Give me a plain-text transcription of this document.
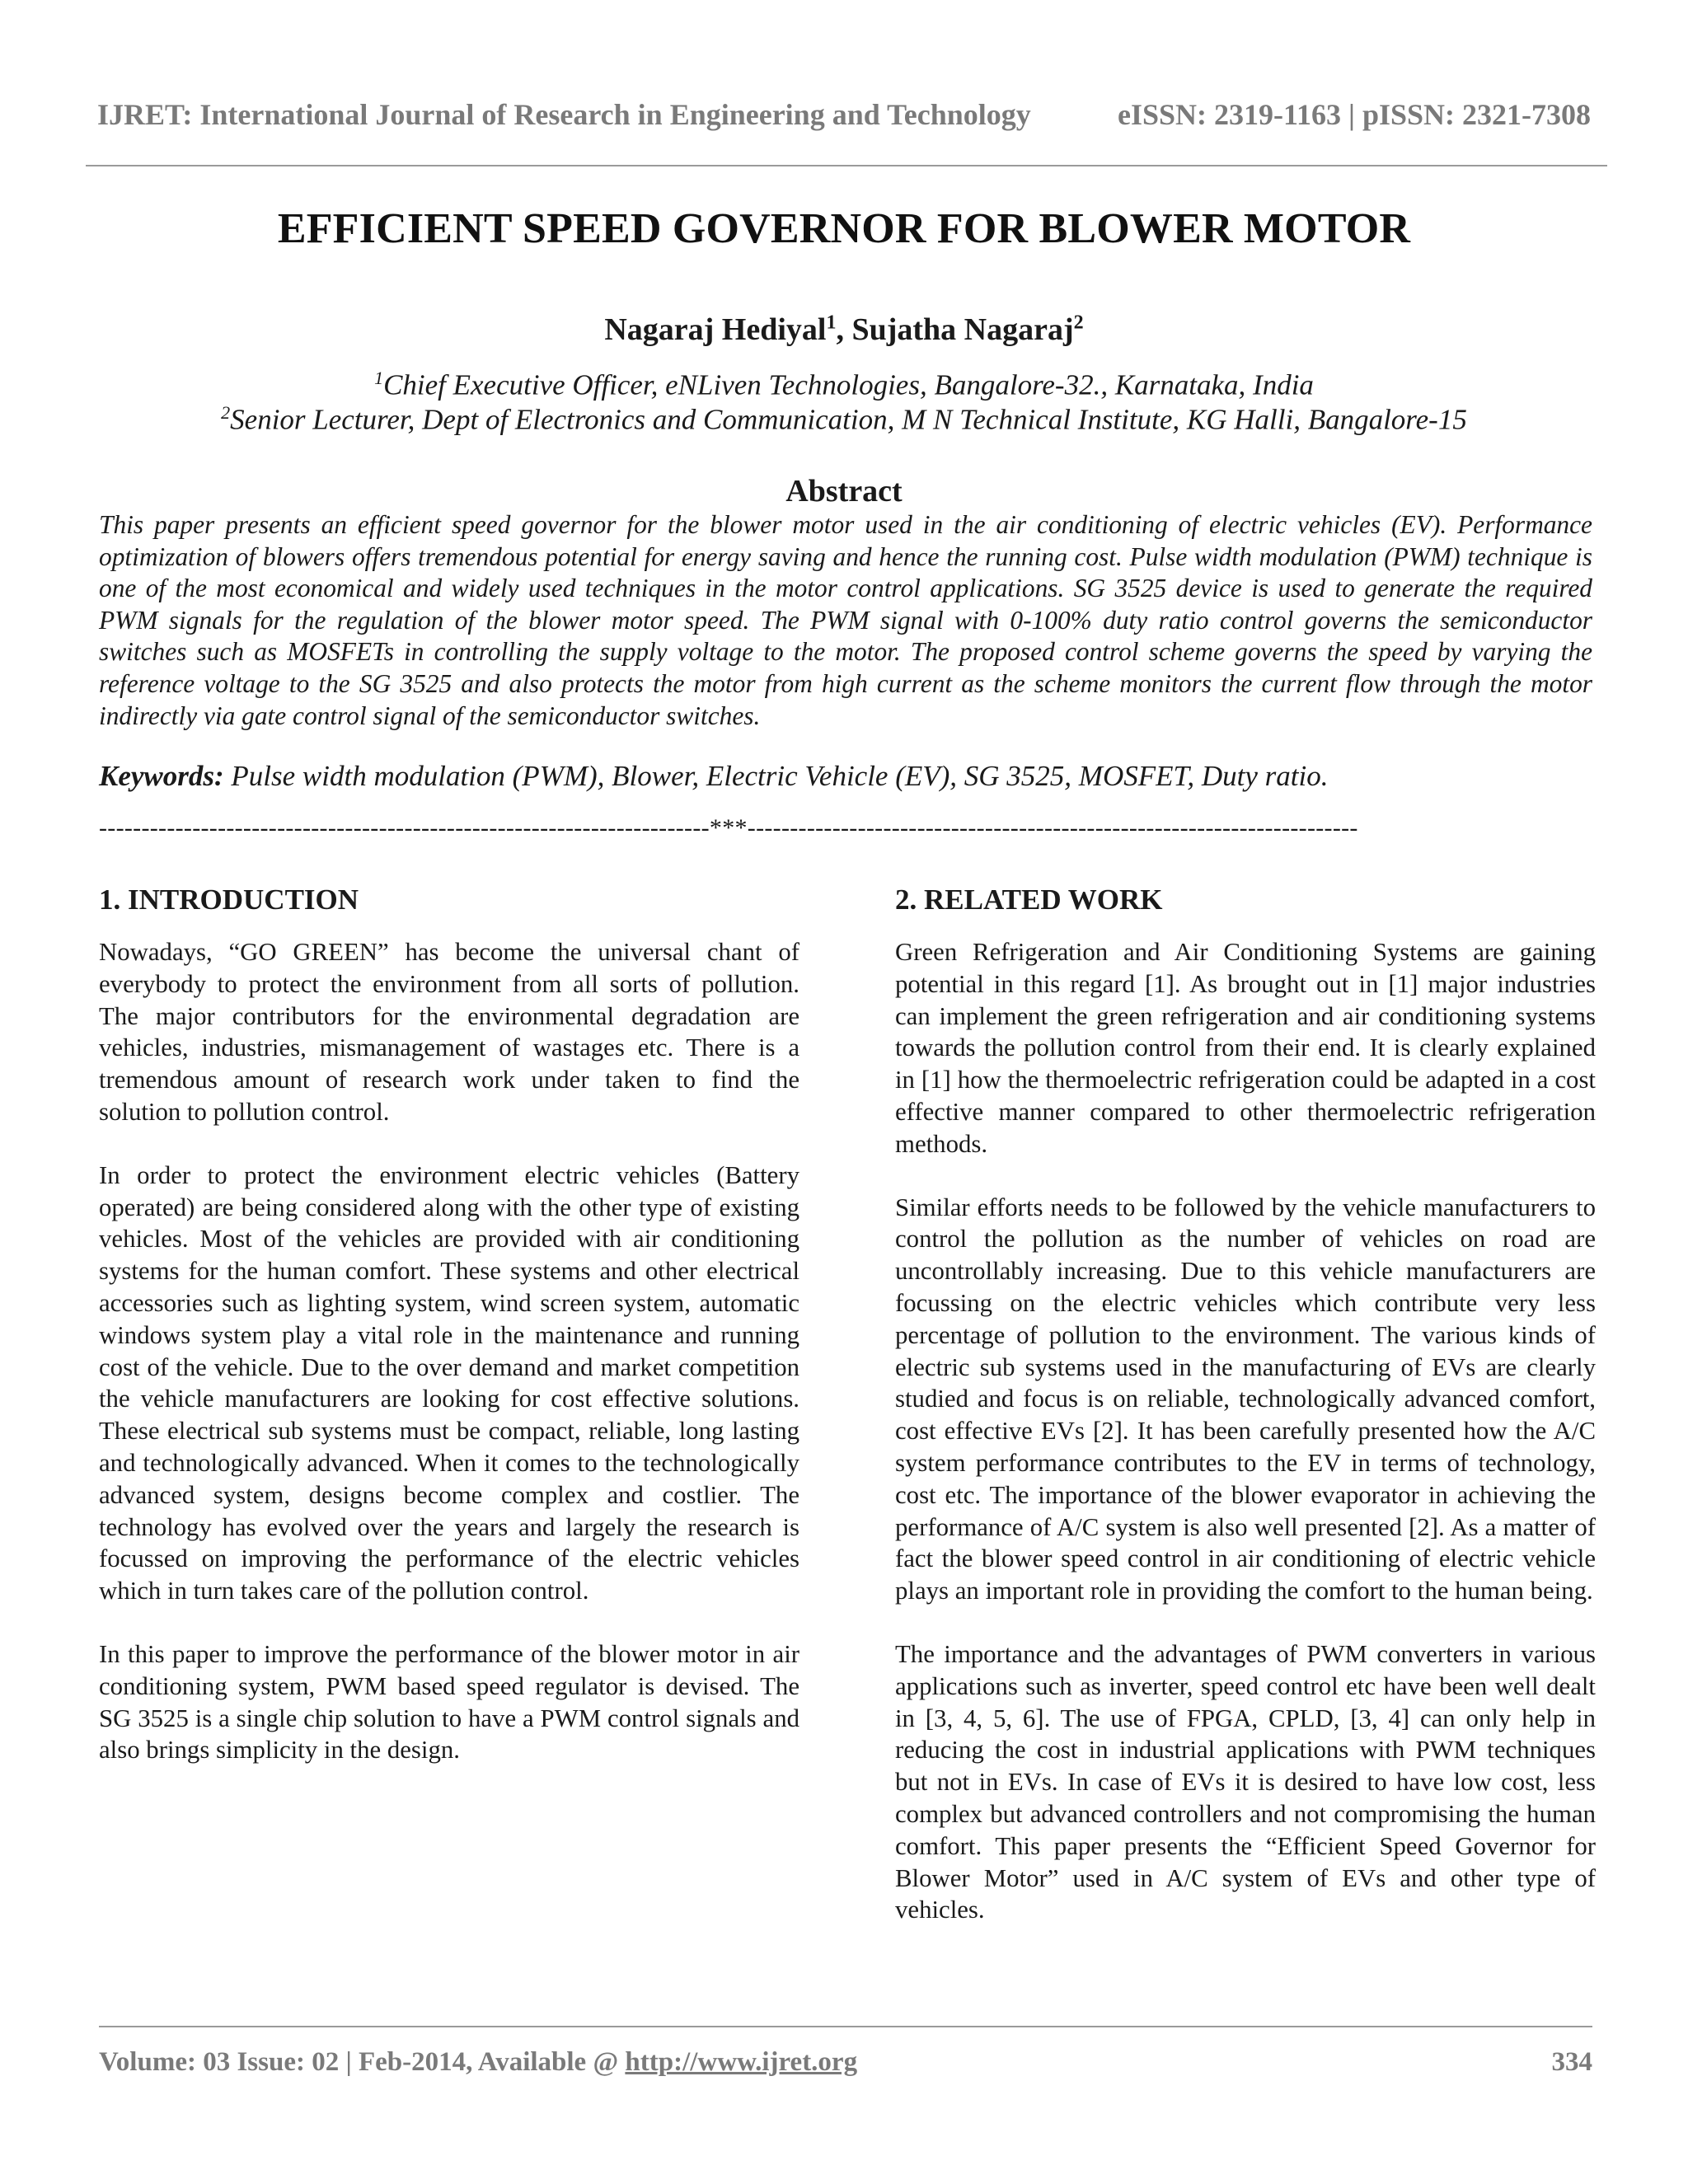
IJRET: International Journal of Research in Engineering and Technology	eISSN: 2319-1163 | pISSN: 2321-7308
EFFICIENT SPEED GOVERNOR FOR BLOWER MOTOR
Nagaraj Hediyal$^1$, Sujatha Nagaraj$^2$
$^1$Chief Executive Officer, eNLiven Technologies, Bangalore-32., Karnataka, India
$^2$Senior Lecturer, Dept of Electronics and Communication, M N Technical Institute, KG Halli, Bangalore-15
Abstract
This paper presents an efficient speed governor for the blower motor used in the air conditioning of electric vehicles (EV). Performance optimization of blowers offers tremendous potential for energy saving and hence the running cost. Pulse width modulation (PWM) technique is one of the most economical and widely used techniques in the motor control applications. SG 3525 device is used to generate the required PWM signals for the regulation of the blower motor speed. The PWM signal with 0-100% duty ratio control governs the semiconductor switches such as MOSFETs in controlling the supply voltage to the motor. The proposed control scheme governs the speed by varying the reference voltage to the SG 3525 and also protects the motor from high current as the scheme monitors the current flow through the motor indirectly via gate control signal of the semiconductor switches.
Keywords: Pulse width modulation (PWM), Blower, Electric Vehicle (EV), SG 3525, MOSFET, Duty ratio.
------------------------------------------------------------------------***------------------------------------------------------------------------
1. INTRODUCTION

Nowadays, “GO GREEN” has become the universal chant of everybody to protect the environment from all sorts of pollution. The major contributors for the environmental degradation are vehicles, industries, mismanagement of wastages etc. There is a tremendous amount of research work under taken to find the solution to pollution control.

In order to protect the environment electric vehicles (Battery operated) are being considered along with the other type of existing vehicles. Most of the vehicles are provided with air conditioning systems for the human comfort. These systems and other electrical accessories such as lighting system, wind screen system, automatic windows system play a vital role in the maintenance and running cost of the vehicle. Due to the over demand and market competition the vehicle manufacturers are looking for cost effective solutions. These electrical sub systems must be compact, reliable, long lasting and technologically advanced. When it comes to the technologically advanced system, designs become complex and costlier. The technology has evolved over the years and largely the research is focussed on improving the performance of the electric vehicles which in turn takes care of the pollution control.

In this paper to improve the performance of the blower motor in air conditioning system, PWM based speed regulator is devised. The SG 3525 is a single chip solution to have a PWM control signals and also brings simplicity in the design.

2. RELATED WORK

Green Refrigeration and Air Conditioning Systems are gaining potential in this regard [1]. As brought out in [1] major industries can implement the green refrigeration and air conditioning systems towards the pollution control from their end. It is clearly explained in [1] how the thermoelectric refrigeration could be adapted in a cost effective manner compared to other thermoelectric refrigeration methods.

Similar efforts needs to be followed by the vehicle manufacturers to control the pollution as the number of vehicles on road are uncontrollably increasing. Due to this vehicle manufacturers are focussing on the electric vehicles which contribute very less percentage of pollution to the environment. The various kinds of electric sub systems used in the manufacturing of EVs are clearly studied and focus is on reliable, technologically advanced comfort, cost effective EVs [2]. It has been carefully presented how the A/C system performance contributes to the EV in terms of technology, cost etc. The importance of the blower evaporator in achieving the performance of A/C system is also well presented [2]. As a matter of fact the blower speed control in air conditioning of electric vehicle plays an important role in providing the comfort to the human being.

The importance and the advantages of PWM converters in various applications such as inverter, speed control etc have been well dealt in [3, 4, 5, 6]. The use of FPGA, CPLD, [3, 4] can only help in reducing the cost in industrial applications with PWM techniques but not in EVs. In case of EVs it is desired to have low cost, less complex but advanced controllers and not compromising the human comfort. This paper presents the “Efficient Speed Governor for Blower Motor” used in A/C system of EVs and other type of vehicles.

Volume: 03 Issue: 02 | Feb-2014, Available @ http://www.ijret.org	334
